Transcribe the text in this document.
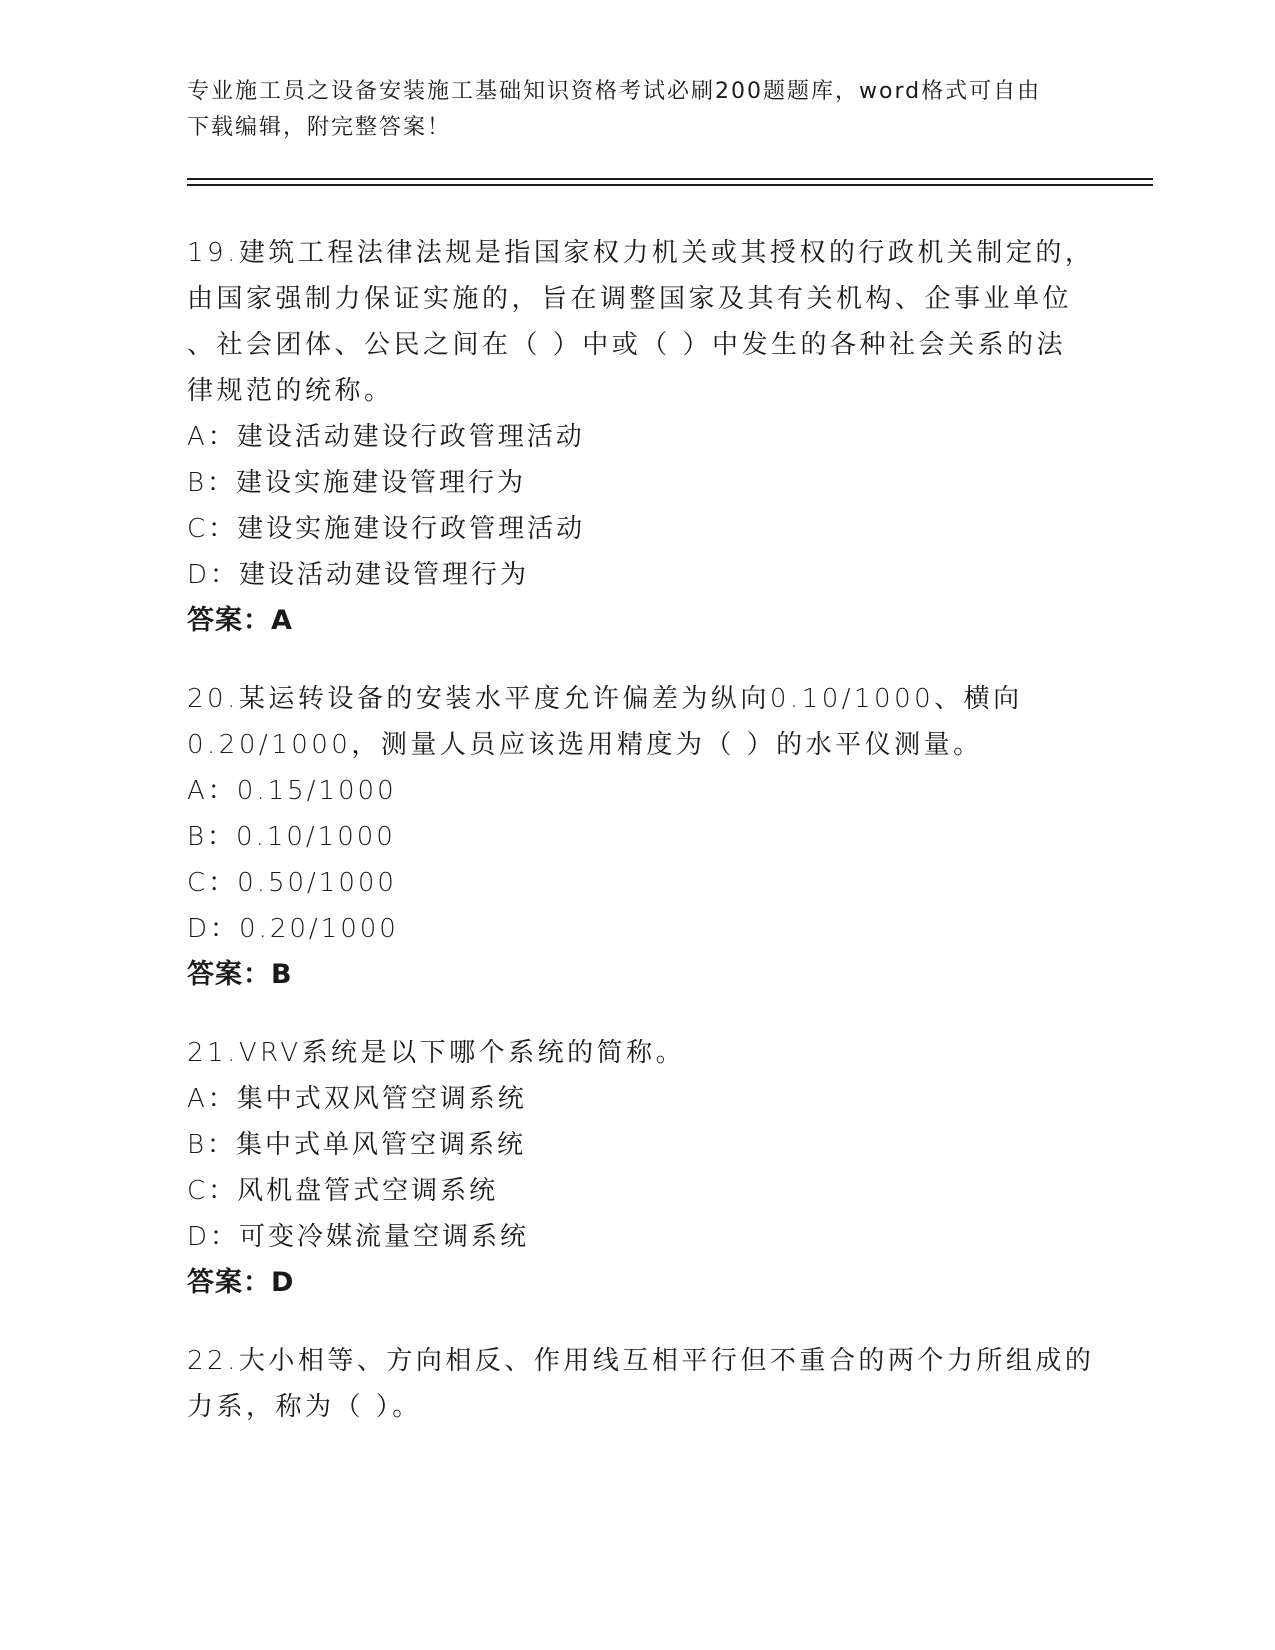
专业施工员之设备安装施工基础知识资格考试必刷200题题库，word格式可自由
下载编辑，附完整答案！
19.建筑工程法律法规是指国家权力机关或其授权的行政机关制定的，
由国家强制力保证实施的，旨在调整国家及其有关机构、企事业单位
、社会团体、公民之间在（ ）中或（ ）中发生的各种社会关系的法
律规范的统称。
A：建设活动建设行政管理活动
B：建设实施建设管理行为
C：建设实施建设行政管理活动
D：建设活动建设管理行为
答案：A
20.某运转设备的安装水平度允许偏差为纵向0.10/1000、横向
0.20/1000，测量人员应该选用精度为（ ）的水平仪测量。
A：0.15/1000
B：0.10/1000
C：0.50/1000
D：0.20/1000
答案：B
21.VRV系统是以下哪个系统的简称。
A：集中式双风管空调系统
B：集中式单风管空调系统
C：风机盘管式空调系统
D：可变冷媒流量空调系统
答案：D
22.大小相等、方向相反、作用线互相平行但不重合的两个力所组成的
力系，称为（ ）。
